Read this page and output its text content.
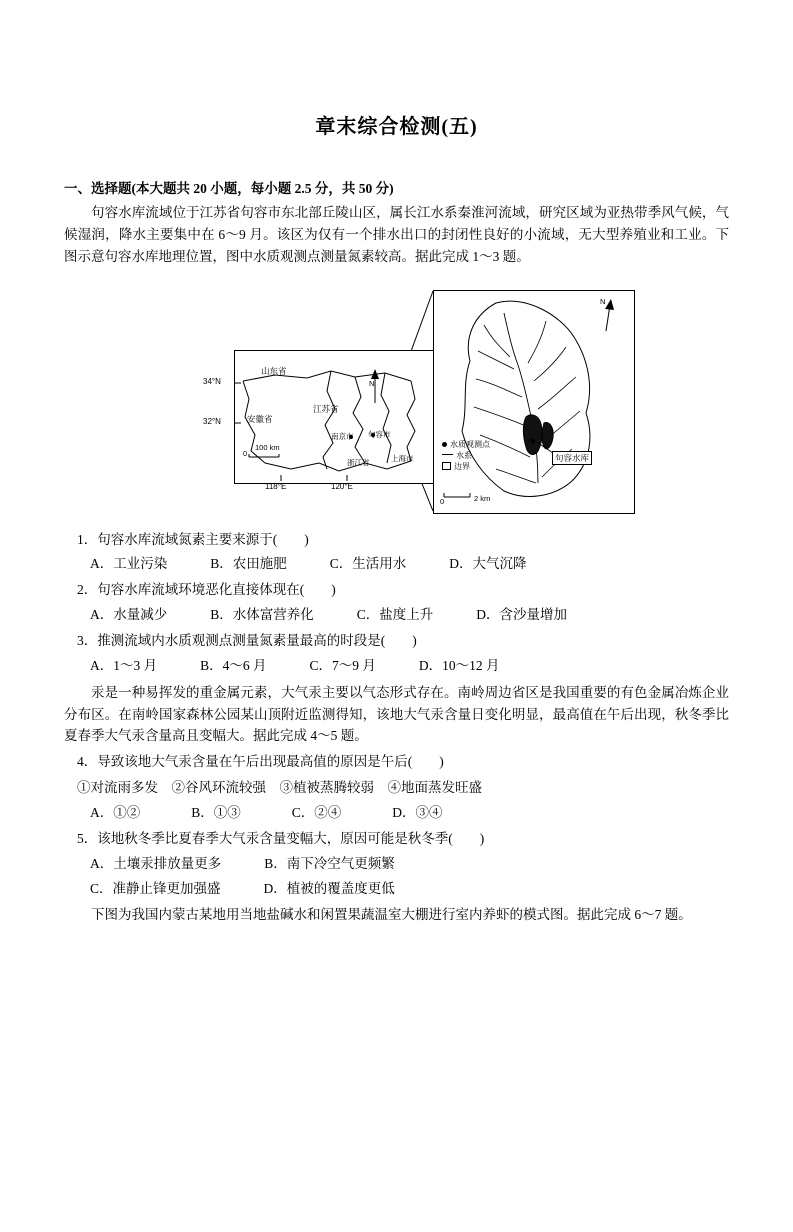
章末综合检测(五)
一、选择题(本大题共 20 小题，每小题 2.5 分，共 50 分)

句容水库流域位于江苏省句容市东北部丘陵山区，属长江水系秦淮河流域，研究区域为亚热带季风气候，气候湿润，降水主要集中在 6～9 月。该区为仅有一个排水出口的封闭性良好的小流域，无大型养殖业和工业。下图示意句容水库地理位置，图中水质观测点测量氮素较高。据此完成 1～3 题。

山东省
江苏省
安徽省
南京市 句容市
浙江省	上海市
N
100 km
0
34°N
32°N
118°E	120°E
N
句容水库
水质观测点
水系
边界
0	2 km

1．句容水库流域氮素主要来源于(　　)

A．工业污染	B．农田施肥	C．生活用水	D．大气沉降

2．句容水库流域环境恶化直接体现在(　　)

A．水量减少	B．水体富营养化	C．盐度上升	D．含沙量增加

3．推测流域内水质观测点测量氮素量最高的时段是(　　)

A．1～3 月	B．4～6 月	C．7～9 月	D．10～12 月

汞是一种易挥发的重金属元素，大气汞主要以气态形式存在。南岭周边省区是我国重要的有色金属冶炼企业分布区。在南岭国家森林公园某山顶附近监测得知，该地大气汞含量日变化明显，最高值在午后出现，秋冬季比夏春季大气汞含量高且变幅大。据此完成 4～5 题。

4．导致该地大气汞含量在午后出现最高值的原因是午后(　　)

①对流雨多发　②谷风环流较强　③植被蒸腾较弱　④地面蒸发旺盛

A．①②	B．①③	C．②④	D．③④

5．该地秋冬季比夏春季大气汞含量变幅大，原因可能是秋冬季(　　)

A．土壤汞排放量更多	B．南下冷空气更频繁

C．准静止锋更加强盛	D．植被的覆盖度更低

下图为我国内蒙古某地用当地盐碱水和闲置果蔬温室大棚进行室内养虾的模式图。据此完成 6～7 题。
